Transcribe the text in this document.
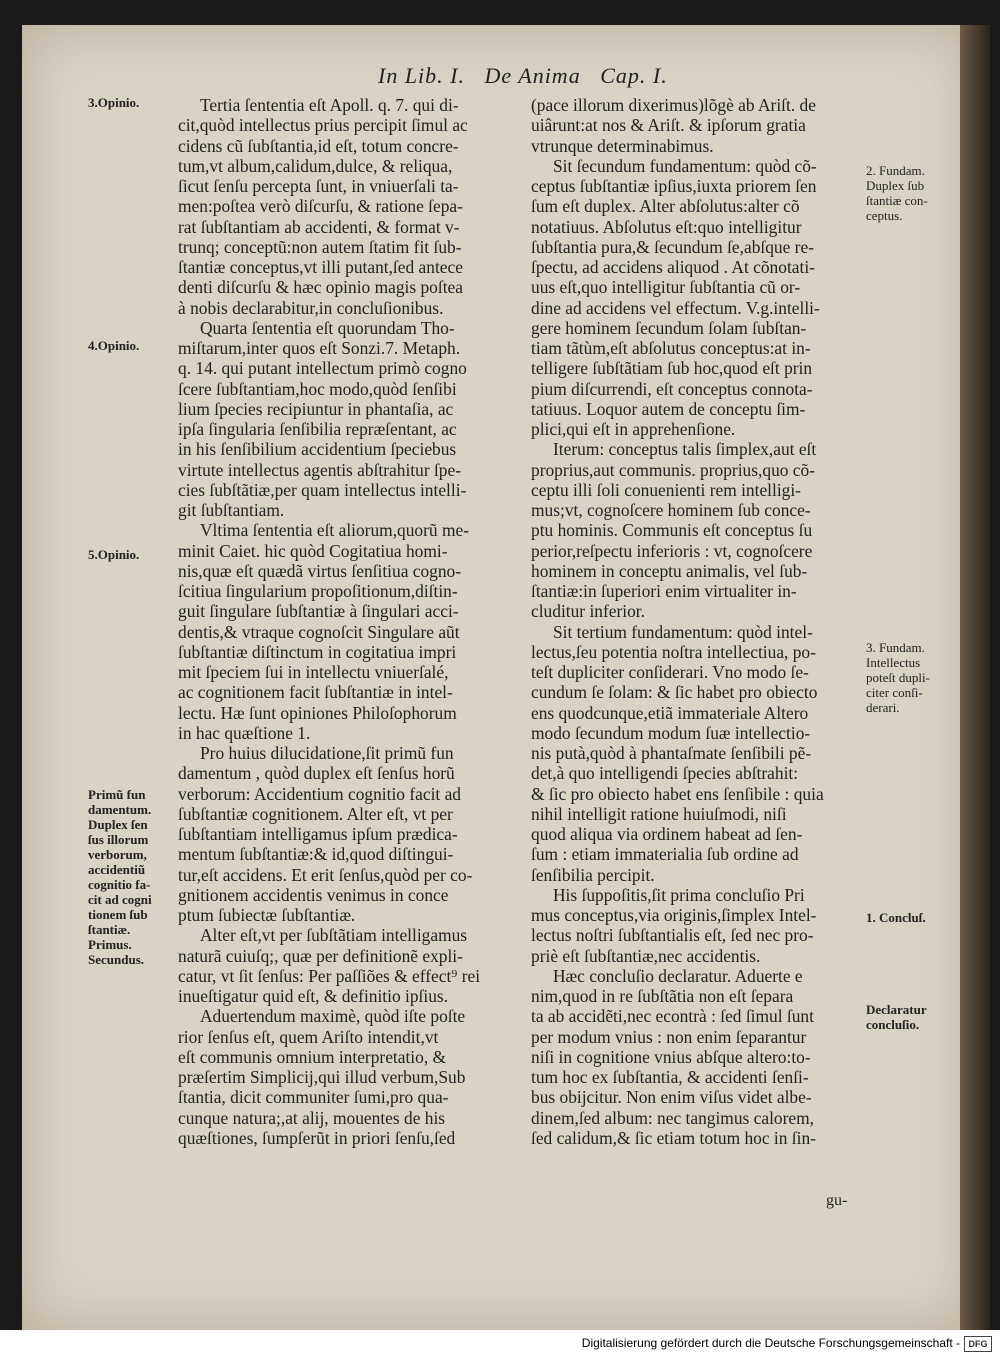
In Lib. I.   De Anima   Cap. I.
Tertia ſententia eſt Apoll. q. 7. qui di-
cit,quòd intellectus prius percipit ſimul ac
cidens cũ ſubſtantia,id eſt, totum concre-
tum,vt album,calidum,dulce, & reliqua,
ſicut ſenſu percepta ſunt, in vniuerſali ta-
men:poſtea verò diſcurſu, & ratione ſepa-
rat ſubſtantiam ab accidenti, & format v-
trunq; conceptũ:non autem ſtatim fit ſub-
ſtantiæ conceptus,vt illi putant,ſed antece
denti diſcurſu & hæc opinio magis poſtea
à nobis declarabitur,in concluſionibus.
Quarta ſententia eſt quorundam Tho-
miſtarum,inter quos eſt Sonzi.7. Metaph.
q. 14. qui putant intellectum primò cogno
ſcere ſubſtantiam,hoc modo,quòd ſenſibi
lium ſpecies recipiuntur in phantaſia, ac
ipſa ſingularia ſenſibilia repræſentant, ac
in his ſenſibilium accidentium ſpeciebus
virtute intellectus agentis abſtrahitur ſpe-
cies ſubſtãtiæ,per quam intellectus intelli-
git ſubſtantiam.
Vltima ſententia eſt aliorum,quorũ me-
minit Caiet. hic quòd Cogitatiua homi-
nis,quæ eſt quædã virtus ſenſitiua cogno-
ſcitiua ſingularium propoſitionum,diſtin-
guit ſingulare ſubſtantiæ à ſingulari acci-
dentis,& vtraque cognoſcit Singulare aũt
ſubſtantiæ diſtinctum in cogitatiua impri
mit ſpeciem ſui in intellectu vniuerſalé,
ac cognitionem facit ſubſtantiæ in intel-
lectu. Hæ ſunt opiniones Philoſophorum
in hac quæſtione 1.
Pro huius dilucidatione,ſit primũ fun
damentum , quòd duplex eſt ſenſus horũ
verborum: Accidentium cognitio facit ad
ſubſtantiæ cognitionem. Alter eſt, vt per
ſubſtantiam intelligamus ipſum prædica-
mentum ſubſtantiæ:& id,quod diſtingui-
tur,eſt accidens. Et erit ſenſus,quòd per co-
gnitionem accidentis venimus in conce
ptum ſubiectæ ſubſtantiæ.
Alter eſt,vt per ſubſtãtiam intelligamus
naturã cuiuſq;, quæ per definitionẽ expli-
catur, vt ſit ſenſus: Per paſſiões & effect⁹ rei
inueſtigatur quid eſt, & definitio ipſius.
Aduertendum maximè, quòd iſte poſte
rior ſenſus eſt, quem Ariſto intendit,vt
eſt communis omnium interpretatio, &
præſertim Simplicij,qui illud verbum,Sub
ſtantia, dicit communiter ſumi,pro qua-
cunque natura;,at alij, mouentes de his
quæſtiones, ſumpſerũt in priori ſenſu,ſed
(pace illorum dixerimus)lõgè ab Ariſt. de
uiârunt:at nos & Ariſt. & ipſorum gratia
vtrunque determinabimus.
Sit ſecundum fundamentum: quòd cõ-
ceptus ſubſtantiæ ipſius,iuxta priorem ſen
ſum eſt duplex. Alter abſolutus:alter cõ
notatiuus. Abſolutus eſt:quo intelligitur
ſubſtantia pura,& ſecundum ſe,abſque re-
ſpectu, ad accidens aliquod . At cõnotati-
uus eſt,quo intelligitur ſubſtantia cũ or-
dine ad accidens vel effectum. V.g.intelli-
gere hominem ſecundum ſolam ſubſtan-
tiam tãtùm,eſt abſolutus conceptus:at in-
telligere ſubſtãtiam ſub hoc,quod eſt prin
pium diſcurrendi, eſt conceptus connota-
tatiuus. Loquor autem de conceptu ſim-
plici,qui eſt in apprehenſione.
Iterum: conceptus talis ſimplex,aut eſt
proprius,aut communis. proprius,quo cõ-
ceptu illi ſoli conuenienti rem intelligi-
mus;vt, cognoſcere hominem ſub conce-
ptu hominis. Communis eſt conceptus ſu
perior,reſpectu inferioris : vt, cognoſcere
hominem in conceptu animalis, vel ſub-
ſtantiæ:in ſuperiori enim virtualiter in-
cluditur inferior.
Sit tertium fundamentum: quòd intel-
lectus,ſeu potentia noſtra intellectiua, po-
teſt dupliciter conſiderari. Vno modo ſe-
cundum ſe ſolam: & ſic habet pro obiecto
ens quodcunque,etiã immateriale Altero
modo ſecundum modum ſuæ intellectio-
nis putà,quòd à phantaſmate ſenſibili pẽ-
det,à quo intelligendi ſpecies abſtrahit:
& ſic pro obiecto habet ens ſenſibile : quia
nihil intelligit ratione huiuſmodi, niſi
quod aliqua via ordinem habeat ad ſen-
ſum : etiam immaterialia ſub ordine ad
ſenſibilia percipit.
His ſuppoſitis,ſit prima concluſio Pri
mus conceptus,via originis,ſimplex Intel-
lectus noſtri ſubſtantialis eſt, ſed nec pro-
priè eſt ſubſtantiæ,nec accidentis.
Hæc concluſio declaratur. Aduerte e
nim,quod in re ſubſtãtia non eſt ſepara
ta ab accidẽti,nec econtrà : ſed ſimul ſunt
per modum vnius : non enim ſeparantur
niſi in cognitione vnius abſque altero:to-
tum hoc ex ſubſtantia, & accidenti ſenſi-
bus obijcitur. Non enim viſus videt albe-
dinem,ſed album: nec tangimus calorem,
ſed calidum,& ſic etiam totum hoc in ſin-
3.Opinio.
4.Opinio.
5.Opinio.
Primũ fun
damentum.
Duplex ſen
ſus illorum
verborum,
accidentiũ
cognitio fa-
cit ad cogni
tionem ſub
ſtantiæ.
Primus.
Secundus.
2. Fundam.
Duplex ſub
ſtantiæ con-
ceptus.
3. Fundam.
Intellectus
poteſt dupli-
citer conſi-
derari.
1. Concluſ.
Declaratur
concluſio.
gu-
Digitalisierung gefördert durch die Deutsche Forschungsgemeinschaft - DFG
